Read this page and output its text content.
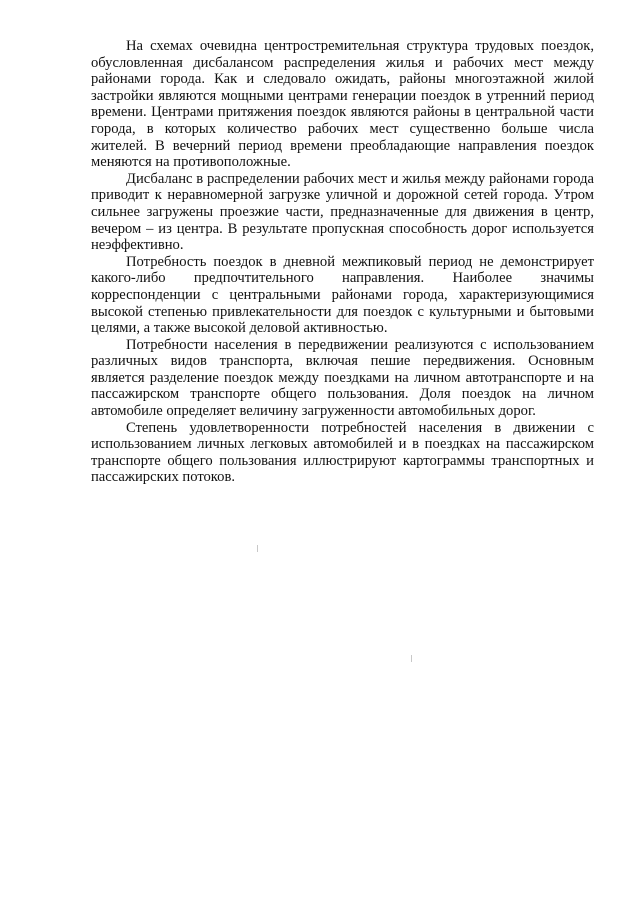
На схемах очевидна центростремительная структура трудовых поездок, обусловленная дисбалансом распределения жилья и рабочих мест между районами города. Как и следовало ожидать, районы многоэтажной жилой застройки являются мощными центрами генерации поездок в утренний период времени. Центрами притяжения поездок являются районы в центральной части города, в которых количество рабочих мест существенно больше числа жителей. В вечерний период времени преобладающие направления поездок меняются на противоположные.

Дисбаланс в распределении рабочих мест и жилья между районами города приводит к неравномерной загрузке уличной и дорожной сетей города. Утром сильнее загружены проезжие части, предназначенные для движения в центр, вечером – из центра. В результате пропускная способность дорог используется неэффективно.

Потребность поездок в дневной межпиковый период не демонстрирует какого-либо предпочтительного направления. Наиболее значимы корреспонденции с центральными районами города, характеризующимися высокой степенью привлекательности для поездок с культурными и бытовыми целями, а также высокой деловой активностью.

Потребности населения в передвижении реализуются с использованием различных видов транспорта, включая пешие передвижения. Основным является разделение поездок между поездками на личном автотранспорте и на пассажирском транспорте общего пользования. Доля поездок на личном автомобиле определяет величину загруженности автомобильных дорог.

Степень удовлетворенности потребностей населения в движении с использованием личных легковых автомобилей и в поездках на пассажирском транспорте общего пользования иллюстрируют картограммы транспортных и пассажирских потоков.
